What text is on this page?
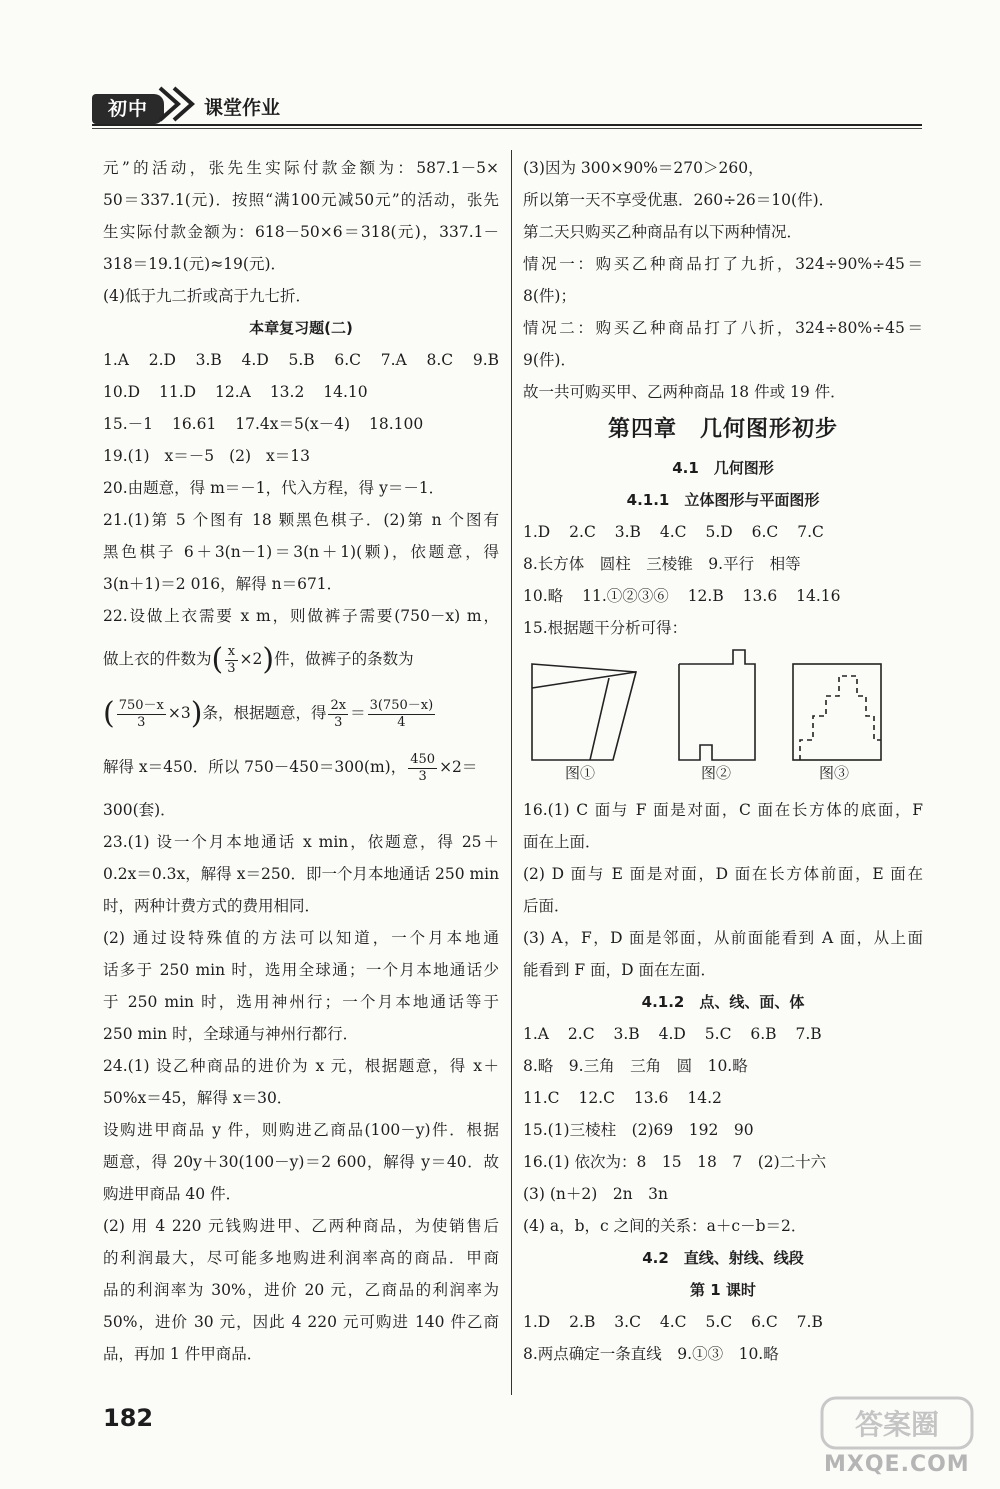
初中	课堂作业
元”的活动，张先生实际付款金额为：587.1－5×
50＝337.1(元)．按照“满100元减50元”的活动，张先
生实际付款金额为：618－50×6＝318(元)，337.1－
318＝19.1(元)≈19(元)．
(4)低于九二折或高于九七折．
本章复习题(二)
1.A 2.D 3.B 4.D 5.B 6.C 7.A 8.C 9.B
10.D 11.D 12.A 13.2 14.10
15.－1 16.61 17.4x＝5(x－4) 18.100
19.(1) x＝－5 (2) x＝13
20.由题意，得 m＝－1，代入方程，得 y＝－1．
21.(1)第 5 个图有 18 颗黑色棋子．(2)第 n 个图有
黑色棋子 6＋3(n－1)＝3(n＋1)(颗)，依题意，得
3(n＋1)＝2 016，解得 n＝671．
22.设做上衣需要 x m，则做裤子需要(750－x) m，
做上衣的件数为( $\frac{x}{3} \times 2$)件，做裤子的条数为
( $\frac{750-x}{3} \times 3$)条，根据题意，得 $\frac{2x}{3} = \frac{3(750-x)}{4}$
解得 x＝450．所以 750－450＝300(m)， $\frac{450}{3} \times 2=$
300(套)．
23.(1) 设一个月本地通话 x min，依题意，得 25＋
0.2x＝0.3x，解得 x＝250．即一个月本地通话 250 min
时，两种计费方式的费用相同．
(2) 通过设特殊值的方法可以知道，一个月本地通
话多于 250 min 时，选用全球通；一个月本地通话少
于 250 min 时，选用神州行；一个月本地通话等于
250 min 时，全球通与神州行都行．
24.(1) 设乙种商品的进价为 x 元，根据题意，得 x＋
50%x＝45，解得 x＝30．
设购进甲商品 y 件，则购进乙商品(100－y)件．根据
题意，得 20y＋30(100－y)＝2 600，解得 y＝40．故
购进甲商品 40 件．
(2) 用 4 220 元钱购进甲、乙两种商品，为使销售后
的利润最大，尽可能多地购进利润率高的商品．甲商
品的利润率为 30%，进价 20 元，乙商品的利润率为
50%，进价 30 元，因此 4 220 元可购进 140 件乙商
品，再加 1 件甲商品．
(3)因为 300×90%＝270＞260，
所以第一天不享受优惠．260÷26＝10(件)．
第二天只购买乙种商品有以下两种情况．
情况一：购买乙种商品打了九折，324÷90%÷45＝
8(件)；
情况二：购买乙种商品打了八折，324÷80%÷45＝
9(件)．
故一共可购买甲、乙两种商品 18 件或 19 件．
第四章　几何图形初步
4.1　几何图形
4.1.1　立体图形与平面图形
1.D 2.C 3.B 4.C 5.D 6.C 7.C
8.长方体　圆柱　三棱锥　9.平行　相等
10.略 11.①②③⑥ 12.B 13.6 14.16
15.根据题干分析可得：
图①	图②	图③
16.(1) C 面与 F 面是对面，C 面在长方体的底面，F
面在上面．
(2) D 面与 E 面是对面，D 面在长方体前面，E 面在
后面．
(3) A，F，D 面是邻面，从前面能看到 A 面，从上面
能看到 F 面，D 面在左面．
4.1.2　点、线、面、体
1.A 2.C 3.B 4.D 5.C 6.B 7.B
8.略　9.三角　三角　圆　10.略
11.C 12.C 13.6 14.2
15.(1)三棱柱　(2)69　192　90
16.(1) 依次为：8　15　18　7　(2)二十六
(3) (n＋2)　2n　3n
(4) a，b，c 之间的关系：a＋c－b＝2．
4.2　直线、射线、线段
第 1 课时
1.D 2.B 3.C 4.C 5.C 6.C 7.B
8.两点确定一条直线　9.①③　10.略
182	答案圈
MXQE.COM
